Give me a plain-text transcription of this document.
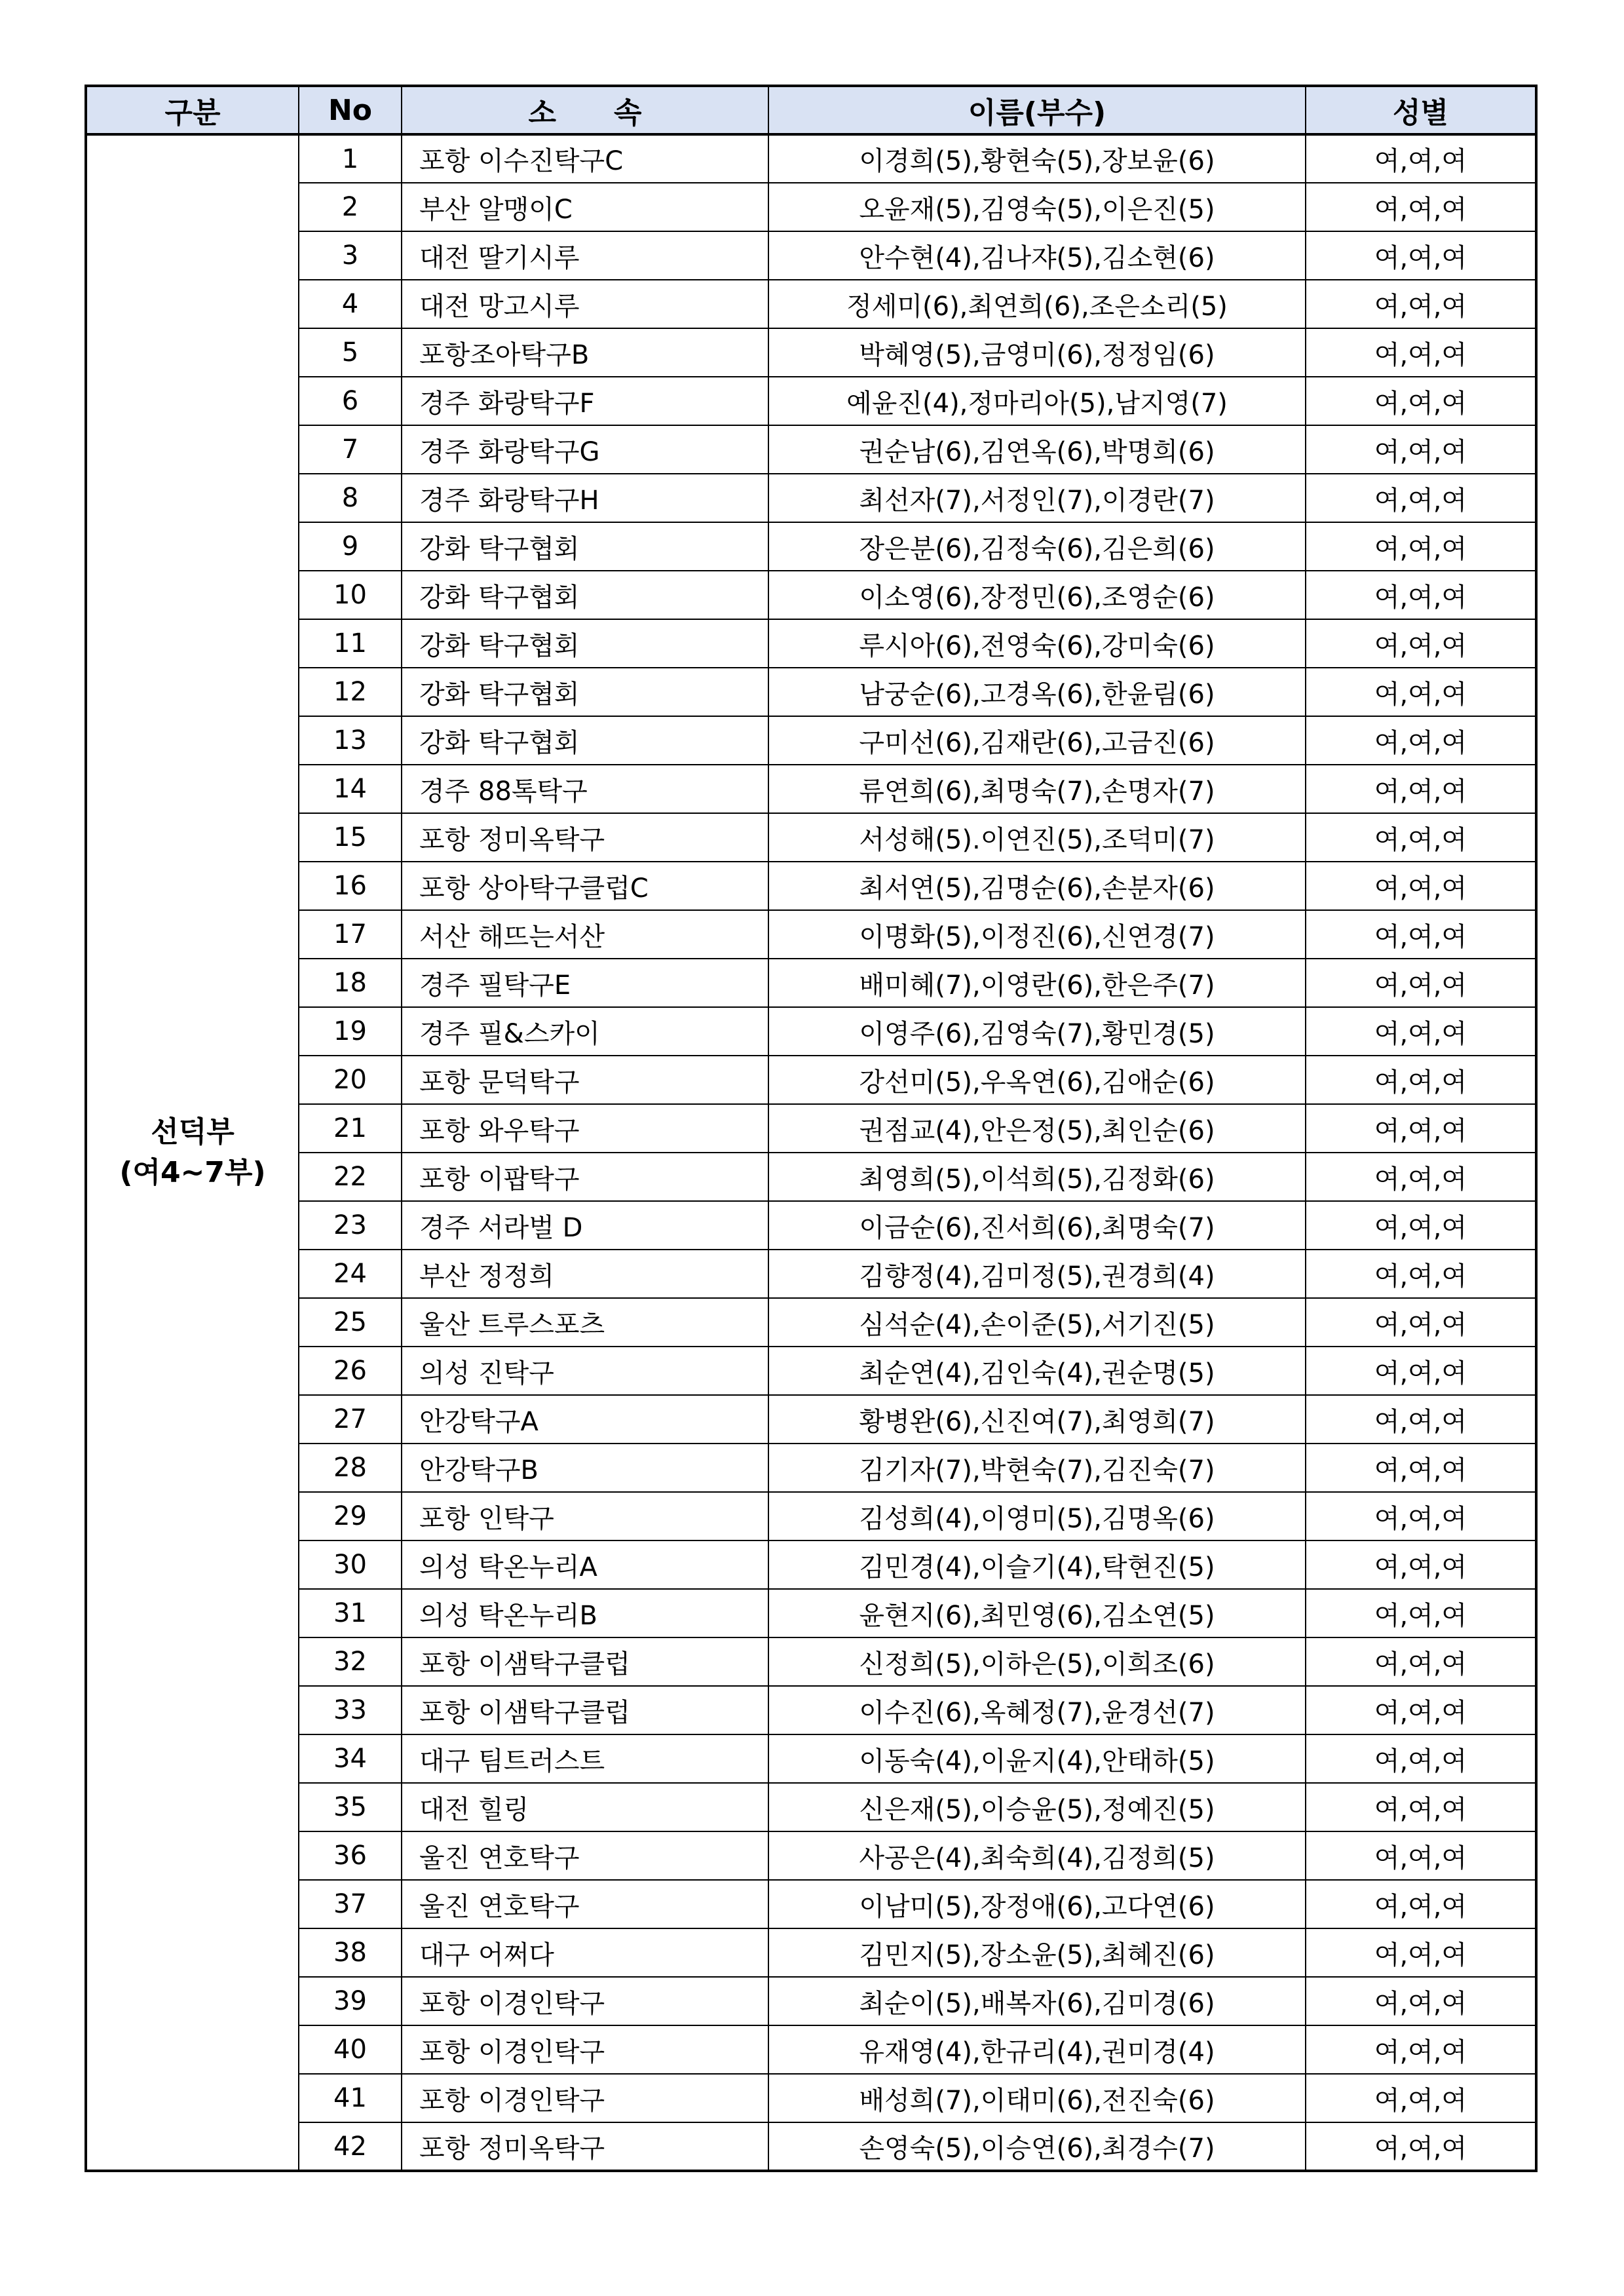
구분	No	소　　속	이름(부수)	성별

선덕부
(여4~7부)	1	포항 이수진탁구C	이경희(5),황현숙(5),장보윤(6)	여,여,여
	2	부산 알맹이C	오윤재(5),김영숙(5),이은진(5)	여,여,여
	3	대전 딸기시루	안수현(4),김나쟈(5),김소현(6)	여,여,여
	4	대전 망고시루	정세미(6),최연희(6),조은소리(5)	여,여,여
	5	포항조아탁구B	박혜영(5),금영미(6),정정임(6)	여,여,여
	6	경주 화랑탁구F	예윤진(4),정마리아(5),남지영(7)	여,여,여
	7	경주 화랑탁구G	권순남(6),김연옥(6),박명희(6)	여,여,여
	8	경주 화랑탁구H	최선자(7),서정인(7),이경란(7)	여,여,여
	9	강화 탁구협회	장은분(6),김정숙(6),김은희(6)	여,여,여
	10	강화 탁구협회	이소영(6),장정민(6),조영순(6)	여,여,여
	11	강화 탁구협회	루시아(6),전영숙(6),강미숙(6)	여,여,여
	12	강화 탁구협회	남궁순(6),고경옥(6),한윤림(6)	여,여,여
	13	강화 탁구협회	구미선(6),김재란(6),고금진(6)	여,여,여
	14	경주 88톡탁구	류연희(6),최명숙(7),손명자(7)	여,여,여
	15	포항 정미옥탁구	서성해(5).이연진(5),조덕미(7)	여,여,여
	16	포항 상아탁구클럽C	최서연(5),김명순(6),손분자(6)	여,여,여
	17	서산 해뜨는서산	이명화(5),이정진(6),신연경(7)	여,여,여
	18	경주 필탁구E	배미혜(7),이영란(6),한은주(7)	여,여,여
	19	경주 필&스카이	이영주(6),김영숙(7),황민경(5)	여,여,여
	20	포항 문덕탁구	강선미(5),우옥연(6),김애순(6)	여,여,여
	21	포항 와우탁구	권점교(4),안은정(5),최인순(6)	여,여,여
	22	포항 이팝탁구	최영희(5),이석희(5),김정화(6)	여,여,여
	23	경주 서라벌 D	이금순(6),진서희(6),최명숙(7)	여,여,여
	24	부산 정정희	김향정(4),김미정(5),권경희(4)	여,여,여
	25	울산 트루스포츠	심석순(4),손이준(5),서기진(5)	여,여,여
	26	의성 진탁구	최순연(4),김인숙(4),권순명(5)	여,여,여
	27	안강탁구A	황병완(6),신진여(7),최영희(7)	여,여,여
	28	안강탁구B	김기자(7),박현숙(7),김진숙(7)	여,여,여
	29	포항 인탁구	김성희(4),이영미(5),김명옥(6)	여,여,여
	30	의성 탁온누리A	김민경(4),이슬기(4),탁현진(5)	여,여,여
	31	의성 탁온누리B	윤현지(6),최민영(6),김소연(5)	여,여,여
	32	포항 이샘탁구클럽	신정희(5),이하은(5),이희조(6)	여,여,여
	33	포항 이샘탁구클럽	이수진(6),옥혜정(7),윤경선(7)	여,여,여
	34	대구 팀트러스트	이동숙(4),이윤지(4),안태하(5)	여,여,여
	35	대전 힐링	신은재(5),이승윤(5),정예진(5)	여,여,여
	36	울진 연호탁구	사공은(4),최숙희(4),김정희(5)	여,여,여
	37	울진 연호탁구	이남미(5),장정애(6),고다연(6)	여,여,여
	38	대구 어쩌다	김민지(5),장소윤(5),최혜진(6)	여,여,여
	39	포항 이경인탁구	최순이(5),배복자(6),김미경(6)	여,여,여
	40	포항 이경인탁구	유재영(4),한규리(4),권미경(4)	여,여,여
	41	포항 이경인탁구	배성희(7),이태미(6),전진숙(6)	여,여,여
	42	포항 정미옥탁구	손영숙(5),이승연(6),최경수(7)	여,여,여
